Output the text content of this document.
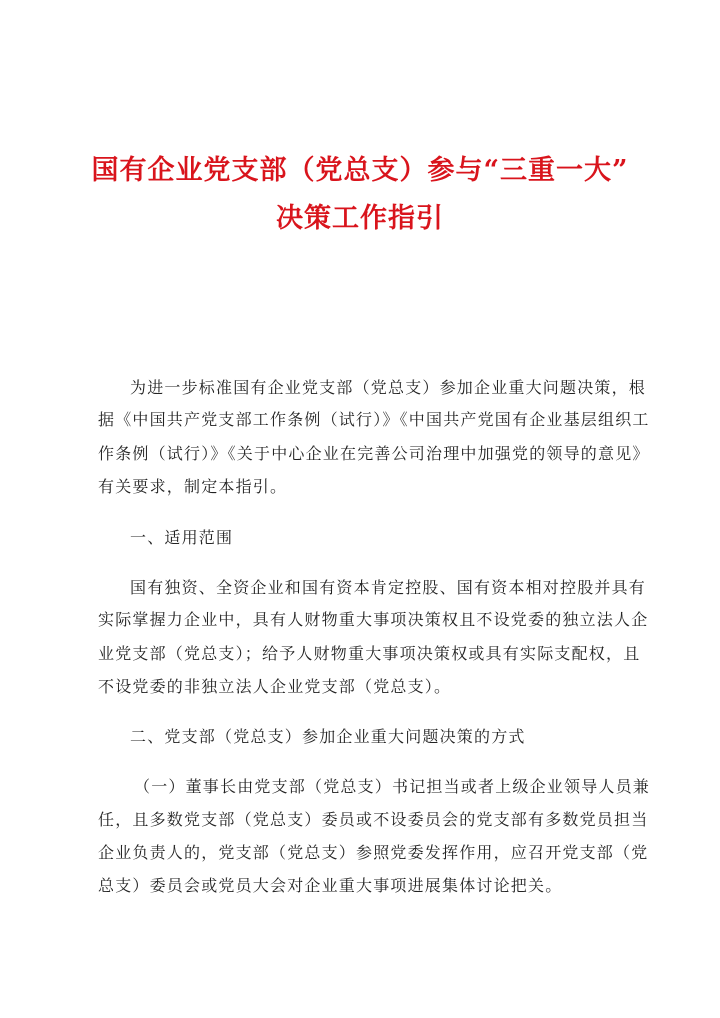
国有企业党支部（党总支）参与“三重一大”
决策工作指引
为进一步标准国有企业党支部（党总支）参加企业重大问题决策，根
据《中国共产党支部工作条例（试行）》《中国共产党国有企业基层组织工
作条例（试行）》《关于中心企业在完善公司治理中加强党的领导的意见》
有关要求，制定本指引。
一、适用范围
国有独资、全资企业和国有资本肯定控股、国有资本相对控股并具有
实际掌握力企业中，具有人财物重大事项决策权且不设党委的独立法人企
业党支部（党总支）；给予人财物重大事项决策权或具有实际支配权，且
不设党委的非独立法人企业党支部（党总支）。
二、党支部（党总支）参加企业重大问题决策的方式
（一）董事长由党支部（党总支）书记担当或者上级企业领导人员兼
任，且多数党支部（党总支）委员或不设委员会的党支部有多数党员担当
企业负责人的，党支部（党总支）参照党委发挥作用，应召开党支部（党
总支）委员会或党员大会对企业重大事项进展集体讨论把关。
